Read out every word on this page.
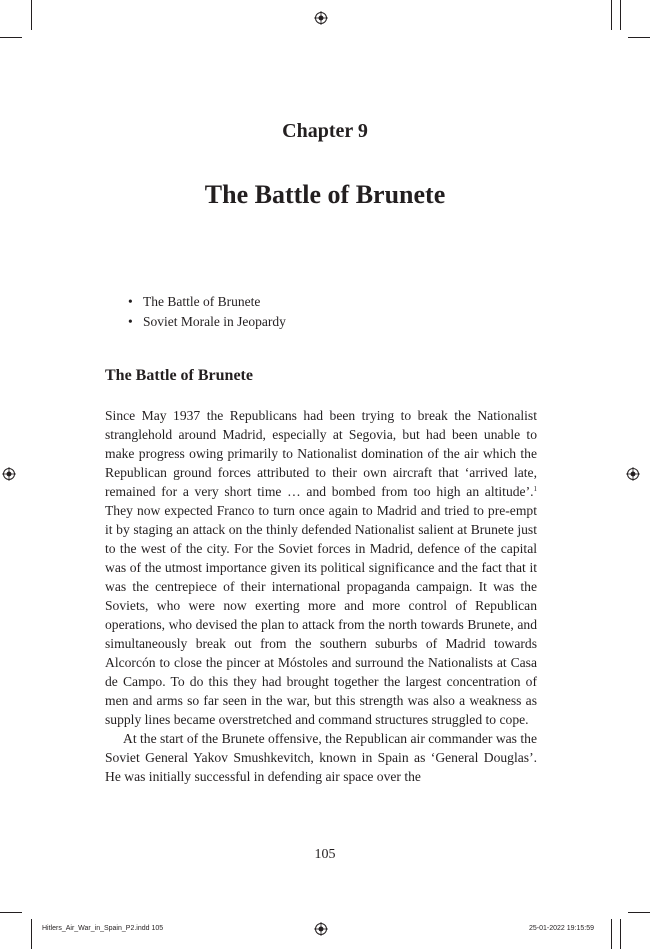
Chapter 9
The Battle of Brunete
• The Battle of Brunete
• Soviet Morale in Jeopardy
The Battle of Brunete

Since May 1937 the Republicans had been trying to break the Nationalist stranglehold around Madrid, especially at Segovia, but had been unable to make progress owing primarily to Nationalist domination of the air which the Republican ground forces attributed to their own aircraft that ‘arrived late, remained for a very short time … and bombed from too high an altitude’.$^1$ They now expected Franco to turn once again to Madrid and tried to pre-empt it by staging an attack on the thinly defended Nationalist salient at Brunete just to the west of the city. For the Soviet forces in Madrid, defence of the capital was of the utmost importance given its political significance and the fact that it was the centrepiece of their international propaganda campaign. It was the Soviets, who were now exerting more and more control of Republican operations, who devised the plan to attack from the north towards Brunete, and simultaneously break out from the southern suburbs of Madrid towards Alcorcón to close the pincer at Móstoles and surround the Nationalists at Casa de Campo. To do this they had brought together the largest concentration of men and arms so far seen in the war, but this strength was also a weakness as supply lines became overstretched and command structures struggled to cope.

At the start of the Brunete offensive, the Republican air commander was the Soviet General Yakov Smushkevitch, known in Spain as ‘General Douglas’. He was initially successful in defending air space over the

105
Hitlers_Air_War_in_Spain_P2.indd 105	25-01-2022 19:15:59
